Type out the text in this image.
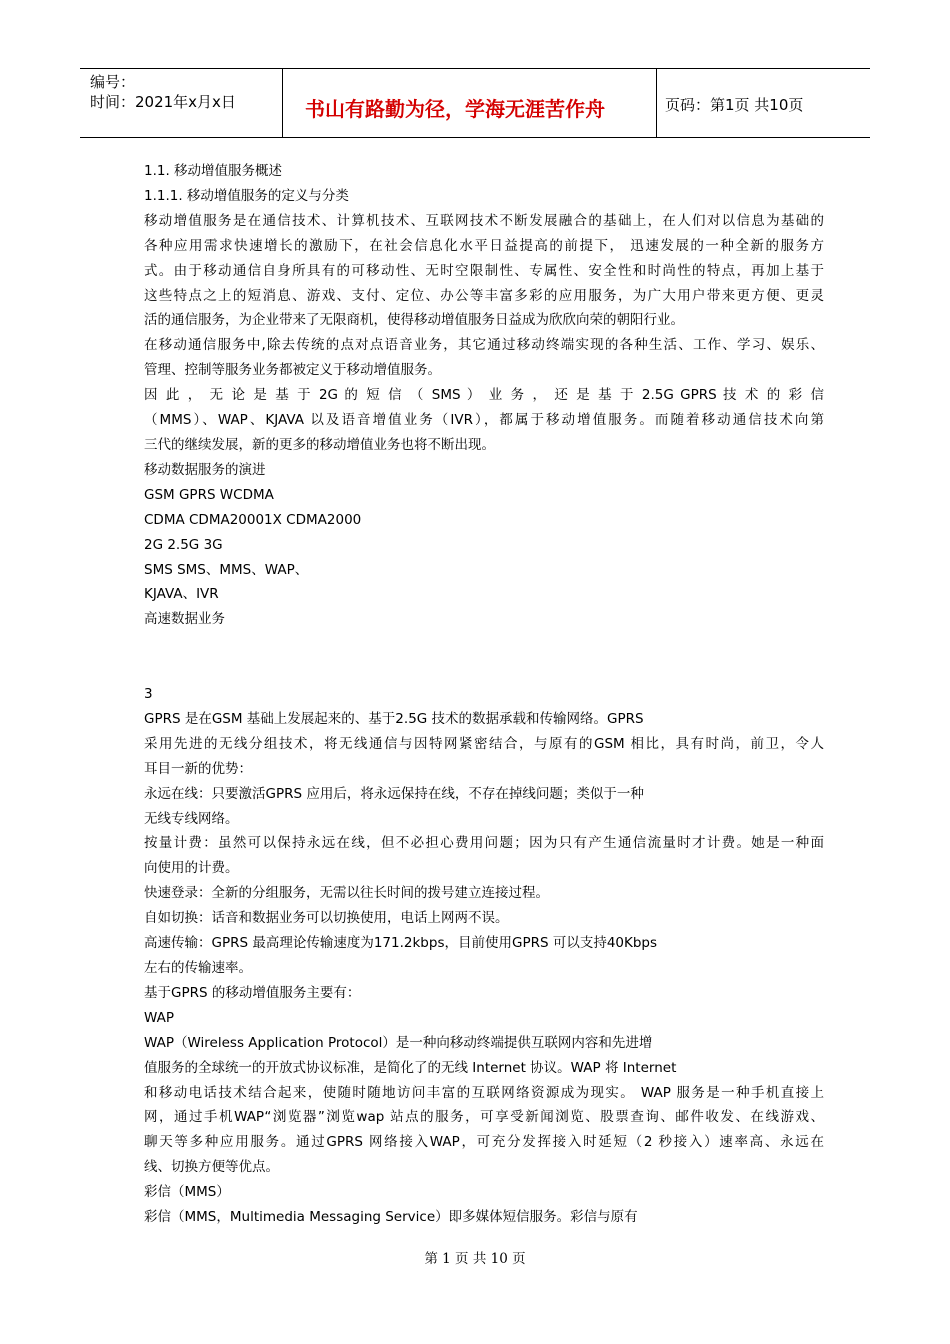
编号：
时间：2021年x月x日	书山有路勤为径，学海无涯苦作舟	页码：第1页 共10页
1.1. 移动增值服务概述
1.1.1. 移动增值服务的定义与分类
移动增值服务是在通信技术、计算机技术、互联网技术不断发展融合的基础上，在人们对以信息为基础的
各种应用需求快速增长的激励下，在社会信息化水平日益提高的前提下， 迅速发展的一种全新的服务方
式。由于移动通信自身所具有的可移动性、无时空限制性、专属性、安全性和时尚性的特点，再加上基于
这些特点之上的短消息、游戏、支付、定位、办公等丰富多彩的应用服务，为广大用户带来更方便、更灵
活的通信服务，为企业带来了无限商机，使得移动增值服务日益成为欣欣向荣的朝阳行业。
在移动通信服务中,除去传统的点对点语音业务，其它通过移动终端实现的各种生活、工作、学习、娱乐、
管理、控制等服务业务都被定义于移动增值服务。
因 此 ， 无 论 是 基 于 2G 的 短 信 （ SMS ） 业 务 ， 还 是 基 于 2.5G GPRS 技 术 的 彩 信
（MMS）、WAP、KJAVA 以及语音增值业务（IVR），都属于移动增值服务。而随着移动通信技术向第
三代的继续发展，新的更多的移动增值业务也将不断出现。
移动数据服务的演进
GSM GPRS WCDMA
CDMA CDMA20001X CDMA2000
2G 2.5G 3G
SMS SMS、MMS、WAP、
KJAVA、IVR
高速数据业务
3
GPRS 是在GSM 基础上发展起来的、基于2.5G 技术的数据承载和传输网络。GPRS
采用先进的无线分组技术，将无线通信与因特网紧密结合，与原有的GSM 相比，具有时尚，前卫，令人
耳目一新的优势：
永远在线：只要激活GPRS 应用后，将永远保持在线，不存在掉线问题；类似于一种
无线专线网络。
按量计费：虽然可以保持永远在线，但不必担心费用问题；因为只有产生通信流量时才计费。她是一种面
向使用的计费。
快速登录：全新的分组服务，无需以往长时间的拨号建立连接过程。
自如切换：话音和数据业务可以切换使用，电话上网两不误。
高速传输：GPRS 最高理论传输速度为171.2kbps，目前使用GPRS 可以支持40Kbps
左右的传输速率。
基于GPRS 的移动增值服务主要有：
WAP
WAP（Wireless Application Protocol）是一种向移动终端提供互联网内容和先进增
值服务的全球统一的开放式协议标准，是简化了的无线 Internet 协议。WAP 将 Internet
和移动电话技术结合起来，使随时随地访问丰富的互联网络资源成为现实。 WAP 服务是一种手机直接上
网，通过手机WAP“浏览器”浏览wap 站点的服务，可享受新闻浏览、股票查询、邮件收发、在线游戏、
聊天等多种应用服务。通过GPRS 网络接入WAP，可充分发挥接入时延短（2 秒接入）速率高、永远在
线、切换方便等优点。
彩信（MMS）
彩信（MMS，Multimedia Messaging Service）即多媒体短信服务。彩信与原有
第 1 页 共 10 页
